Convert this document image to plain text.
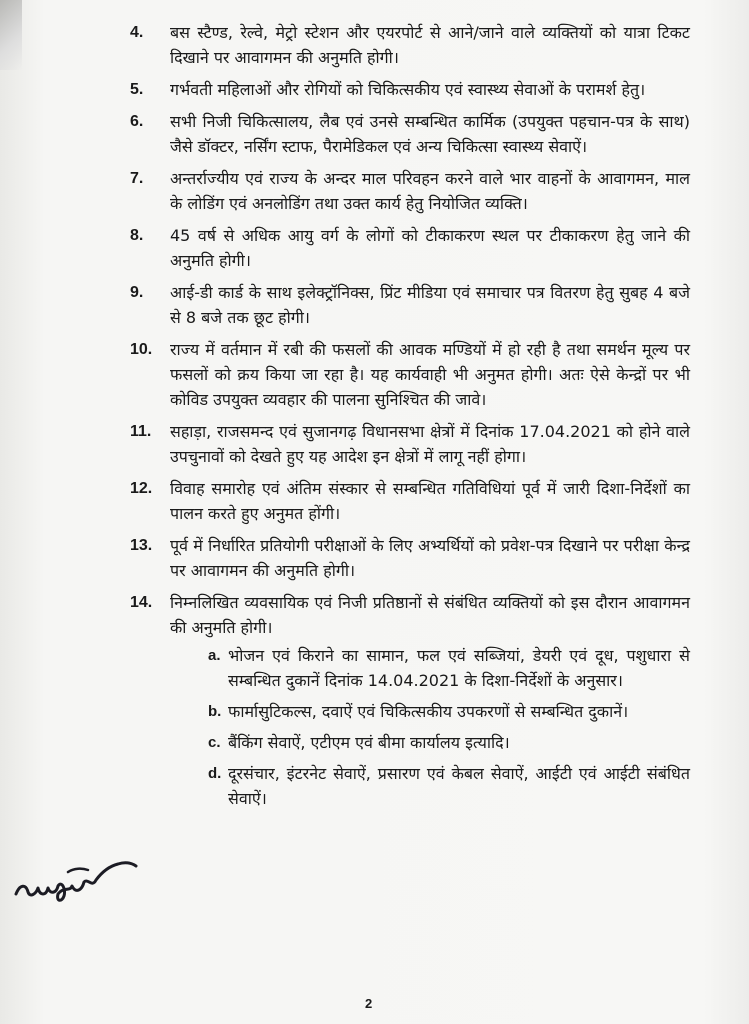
4. बस स्टैण्ड, रेल्वे, मेट्रो स्टेशन और एयरपोर्ट से आने/जाने वाले व्यक्तियों को यात्रा टिकट दिखाने पर आवागमन की अनुमति होगी।
5. गर्भवती महिलाओं और रोगियों को चिकित्सकीय एवं स्वास्थ्य सेवाओं के परामर्श हेतु।
6. सभी निजी चिकित्सालय, लैब एवं उनसे सम्बन्धित कार्मिक (उपयुक्त पहचान-पत्र के साथ) जैसे डॉक्टर, नर्सिंग स्टाफ, पैरामेडिकल एवं अन्य चिकित्सा स्वास्थ्य सेवाऐं।
7. अन्तर्राज्यीय एवं राज्य के अन्दर माल परिवहन करने वाले भार वाहनों के आवागमन, माल के लोडिंग एवं अनलोडिंग तथा उक्त कार्य हेतु नियोजित व्यक्ति।
8. 45 वर्ष से अधिक आयु वर्ग के लोगों को टीकाकरण स्थल पर टीकाकरण हेतु जाने की अनुमति होगी।
9. आई-डी कार्ड के साथ इलेक्ट्रॉनिक्स, प्रिंट मीडिया एवं समाचार पत्र वितरण हेतु सुबह 4 बजे से 8 बजे तक छूट होगी।
10. राज्य में वर्तमान में रबी की फसलों की आवक मण्डियों में हो रही है तथा समर्थन मूल्य पर फसलों को क्रय किया जा रहा है। यह कार्यवाही भी अनुमत होगी। अतः ऐसे केन्द्रों पर भी कोविड उपयुक्त व्यवहार की पालना सुनिश्चित की जावे।
11. सहाड़ा, राजसमन्द एवं सुजानगढ़ विधानसभा क्षेत्रों में दिनांक 17.04.2021 को होने वाले उपचुनावों को देखते हुए यह आदेश इन क्षेत्रों में लागू नहीं होगा।
12. विवाह समारोह एवं अंतिम संस्कार से सम्बन्धित गतिविधियां पूर्व में जारी दिशा-निर्देशों का पालन करते हुए अनुमत होंगी।
13. पूर्व में निर्धारित प्रतियोगी परीक्षाओं के लिए अभ्यर्थियों को प्रवेश-पत्र दिखाने पर परीक्षा केन्द्र पर आवागमन की अनुमति होगी।
14. निम्नलिखित व्यवसायिक एवं निजी प्रतिष्ठानों से संबंधित व्यक्तियों को इस दौरान आवागमन की अनुमति होगी।
a. भोजन एवं किराने का सामान, फल एवं सब्जियां, डेयरी एवं दूध, पशुधारा से सम्बन्धित दुकानें दिनांक 14.04.2021 के दिशा-निर्देशों के अनुसार।
b. फार्मासुटिकल्स, दवाऐं एवं चिकित्सकीय उपकरणों से सम्बन्धित दुकानें।
c. बैंकिंग सेवाऐं, एटीएम एवं बीमा कार्यालय इत्यादि।
d. दूरसंचार, इंटरनेट सेवाऐं, प्रसारण एवं केबल सेवाऐं, आईटी एवं आईटी संबंधित सेवाऐं।
2
